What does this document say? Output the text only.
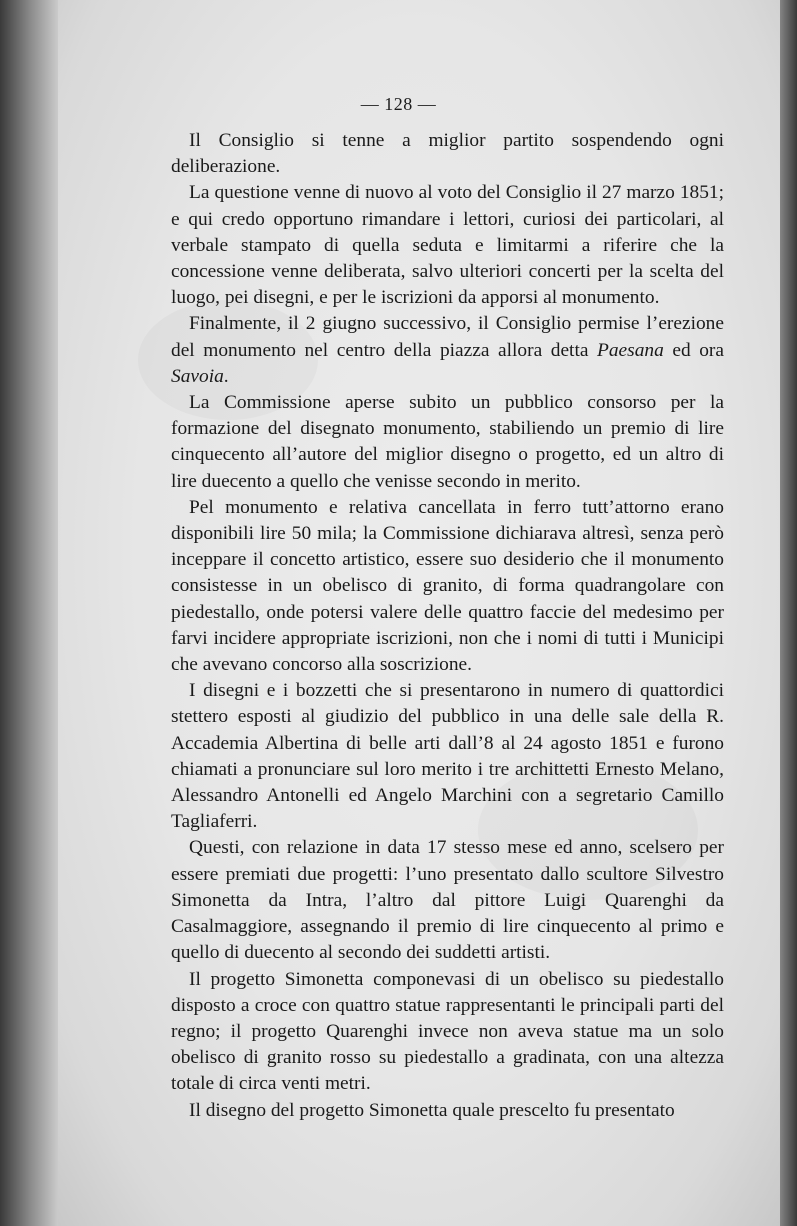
— 128 —

Il Consiglio si tenne a miglior partito sospendendo ogni deliberazione.

La questione venne di nuovo al voto del Consiglio il 27 marzo 1851; e qui credo opportuno rimandare i lettori, curiosi dei particolari, al verbale stampato di quella seduta e limitarmi a riferire che la concessione venne deliberata, salvo ulteriori concerti per la scelta del luogo, pei disegni, e per le iscrizioni da apporsi al monumento.

Finalmente, il 2 giugno successivo, il Consiglio permise l’erezione del monumento nel centro della piazza allora detta Paesana ed ora Savoia.

La Commissione aperse subito un pubblico consorso per la formazione del disegnato monumento, stabiliendo un premio di lire cinquecento all’autore del miglior disegno o progetto, ed un altro di lire duecento a quello che venisse secondo in merito.

Pel monumento e relativa cancellata in ferro tutt’attorno erano disponibili lire 50 mila; la Commissione dichiarava altresì, senza però inceppare il concetto artistico, essere suo desiderio che il monumento consistesse in un obelisco di granito, di forma quadrangolare con piedestallo, onde potersi valere delle quattro faccie del medesimo per farvi incidere appropriate iscrizioni, non che i nomi di tutti i Municipi che avevano concorso alla soscrizione.

I disegni e i bozzetti che si presentarono in numero di quattordici stettero esposti al giudizio del pubblico in una delle sale della R. Accademia Albertina di belle arti dall’8 al 24 agosto 1851 e furono chiamati a pronunciare sul loro merito i tre archittetti Ernesto Melano, Alessandro Antonelli ed Angelo Marchini con a segretario Camillo Tagliaferri.

Questi, con relazione in data 17 stesso mese ed anno, scelsero per essere premiati due progetti: l’uno presentato dallo scultore Silvestro Simonetta da Intra, l’altro dal pittore Luigi Quarenghi da Casalmaggiore, assegnando il premio di lire cinquecento al primo e quello di duecento al secondo dei suddetti artisti.

Il progetto Simonetta componevasi di un obelisco su piedestallo disposto a croce con quattro statue rappresentanti le principali parti del regno; il progetto Quarenghi invece non aveva statue ma un solo obelisco di granito rosso su piedestallo a gradinata, con una altezza totale di circa venti metri.

Il disegno del progetto Simonetta quale prescelto fu presentato
